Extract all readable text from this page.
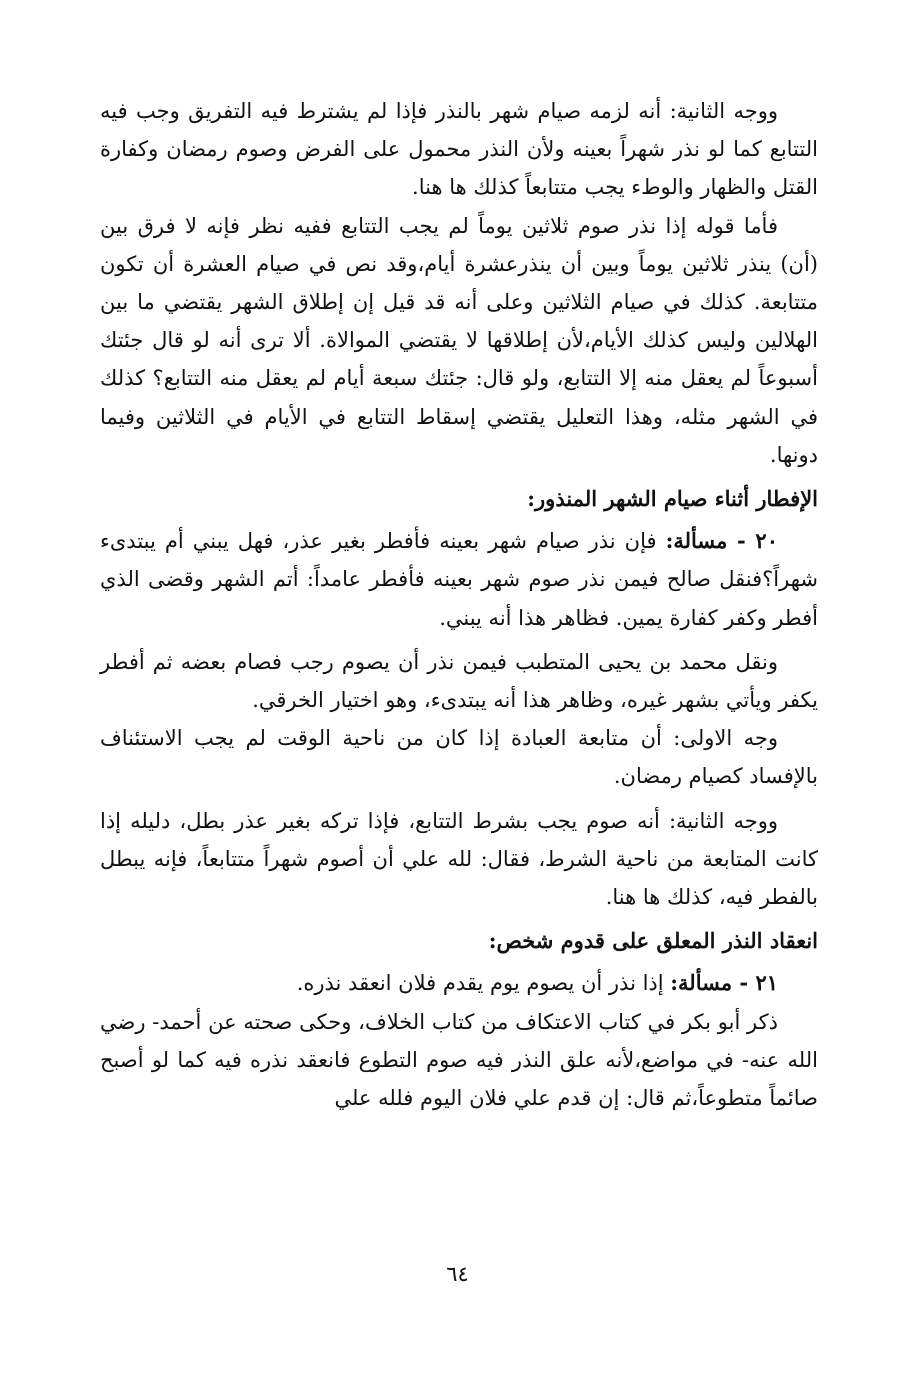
ووجه الثانية: أنه لزمه صيام شهر بالنذر فإذا لم يشترط فيه التفريق وجب فيه التتابع كما لو نذر شهراً بعينه ولأن النذر محمول على الفرض وصوم رمضان وكفارة القتل والظهار والوطء يجب متتابعاً كذلك ها هنا.

فأما قوله إذا نذر صوم ثلاثين يوماً لم يجب التتابع ففيه نظر فإنه لا فرق بين (أن) ينذر ثلاثين يوماً وبين أن ينذرعشرة أيام،وقد نص في صيام العشرة أن تكون متتابعة. كذلك في صيام الثلاثين وعلى أنه قد قيل إن إطلاق الشهر يقتضي ما بين الهلالين وليس كذلك الأيام،لأن إطلاقها لا يقتضي الموالاة. ألا ترى أنه لو قال جئتك أسبوعاً لم يعقل منه إلا التتابع، ولو قال: جئتك سبعة أيام لم يعقل منه التتابع؟ كذلك في الشهر مثله، وهذا التعليل يقتضي إسقاط التتابع في الأيام في الثلاثين وفيما دونها.

الإفطار أثناء صيام الشهر المنذور:

٢٠ - مسألة: فإن نذر صيام شهر بعينه فأفطر بغير عذر، فهل يبني أم يبتدىء شهراً؟فنقل صالح فيمن نذر صوم شهر بعينه فأفطر عامداً: أتم الشهر وقضى الذي أفطر وكفر كفارة يمين. فظاهر هذا أنه يبني.

ونقل محمد بن يحيى المتطبب فيمن نذر أن يصوم رجب فصام بعضه ثم أفطر يكفر ويأتي بشهر غيره، وظاهر هذا أنه يبتدىء، وهو اختيار الخرقي.

وجه الاولى: أن متابعة العبادة إذا كان من ناحية الوقت لم يجب الاستئناف بالإفساد كصيام رمضان.

ووجه الثانية: أنه صوم يجب بشرط التتابع، فإذا تركه بغير عذر بطل، دليله إذا كانت المتابعة من ناحية الشرط، فقال: لله علي أن أصوم شهراً متتابعاً، فإنه يبطل بالفطر فيه، كذلك ها هنا.

انعقاد النذر المعلق على قدوم شخص:

٢١ - مسألة: إذا نذر أن يصوم يوم يقدم فلان انعقد نذره.

ذكر أبو بكر في كتاب الاعتكاف من كتاب الخلاف، وحكى صحته عن أحمد- رضي الله عنه- في مواضع،لأنه علق النذر فيه صوم التطوع فانعقد نذره فيه كما لو أصبح صائماً متطوعاً،ثم قال: إن قدم علي فلان اليوم فلله علي

٦٤
